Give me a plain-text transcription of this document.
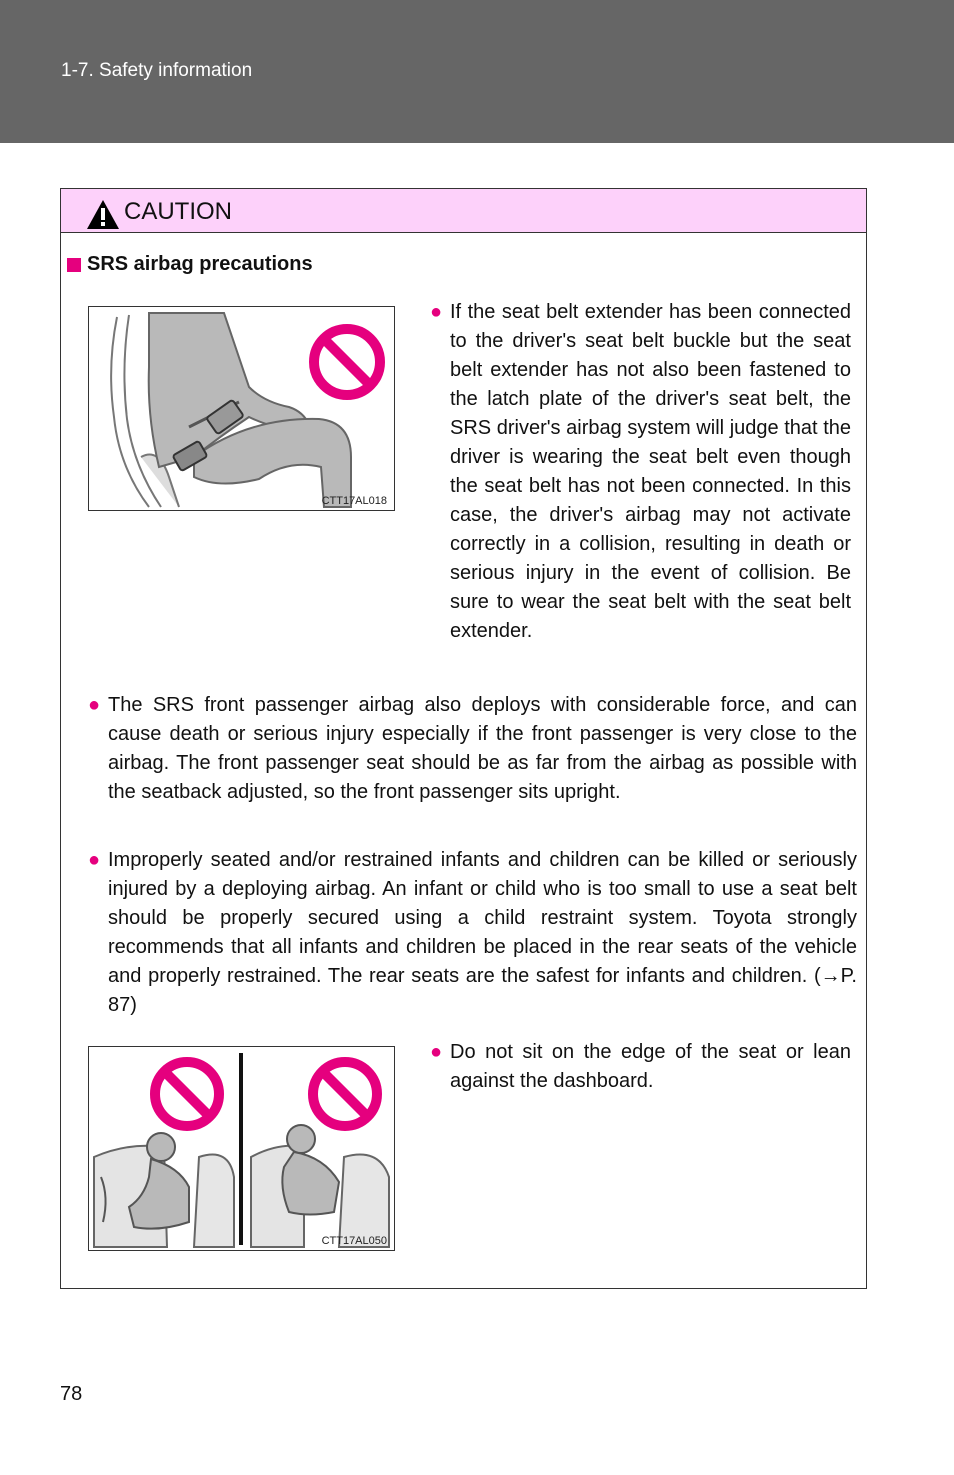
1-7. Safety information
CAUTION
SRS airbag precautions
CTT17AL018
● If the seat belt extender has been connected to the driver's seat belt buckle but the seat belt extender has not also been fastened to the latch plate of the driver's seat belt, the SRS driver's airbag system will judge that the driver is wearing the seat belt even though the seat belt has not been connected. In this case, the driver's airbag may not activate correctly in a collision, resulting in death or serious injury in the event of collision. Be sure to wear the seat belt with the seat belt extender.
● The SRS front passenger airbag also deploys with considerable force, and can cause death or serious injury especially if the front passenger is very close to the airbag. The front passenger seat should be as far from the airbag as possible with the seatback adjusted, so the front passenger sits upright.
● Improperly seated and/or restrained infants and children can be killed or seriously injured by a deploying airbag. An infant or child who is too small to use a seat belt should be properly secured using a child restraint system. Toyota strongly recommends that all infants and children be placed in the rear seats of the vehicle and properly restrained. The rear seats are the safest for infants and children. (→P. 87)
CTT17AL050
● Do not sit on the edge of the seat or lean against the dashboard.
78
